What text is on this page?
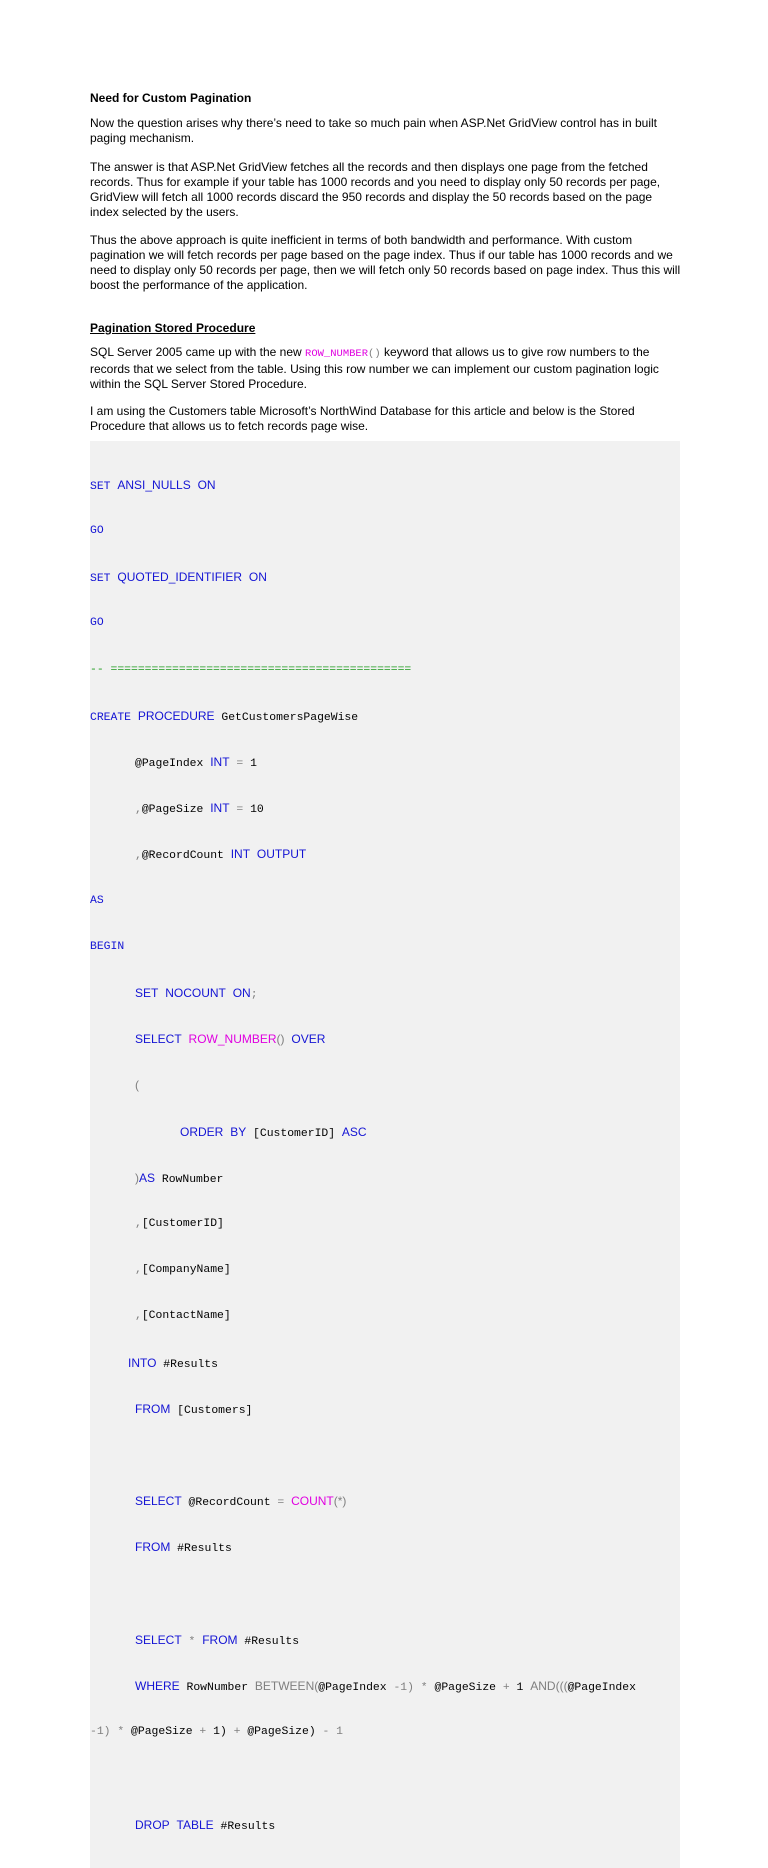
Need for Custom Pagination

Now the question arises why there’s need to take so much pain when ASP.Net GridView control has in built paging mechanism.

The answer is that ASP.Net GridView fetches all the records and then displays one page from the fetched records. Thus for example if your table has 1000 records and you need to display only 50 records per page, GridView will fetch all 1000 records discard the 950 records and display the 50 records based on the page index selected by the users.

Thus the above approach is quite inefficient in terms of both bandwidth and performance. With custom pagination we will fetch records per page based on the page index. Thus if our table has 1000 records and we need to display only 50 records per page, then we will fetch only 50 records based on page index. Thus this will boost the performance of the application.

Pagination Stored Procedure

SQL Server 2005 came up with the new ROW_NUMBER() keyword that allows us to give row numbers to the records that we select from the table. Using this row number we can implement our custom pagination logic within the SQL Server Stored Procedure.

I am using the Customers table Microsoft’s NorthWind Database for this article and below is the Stored Procedure that allows us to fetch records page wise.

SET ANSI_NULLS ON

GO

SET QUOTED_IDENTIFIER ON

GO

-- ============================================

CREATE PROCEDURE GetCustomersPageWise

@PageIndex INT = 1

,@PageSize INT = 10

,@RecordCount INT OUTPUT

AS

BEGIN

SET NOCOUNT ON;

SELECT ROW_NUMBER() OVER

(

ORDER BY [CustomerID] ASC

)AS RowNumber

,[CustomerID]

,[CompanyName]

,[ContactName]

INTO #Results

FROM [Customers]

SELECT @RecordCount = COUNT(*)

FROM #Results

SELECT * FROM #Results

WHERE RowNumber BETWEEN(@PageIndex -1) * @PageSize + 1 AND(((@PageIndex

-1) * @PageSize + 1) + @PageSize) - 1

DROP TABLE #Results
